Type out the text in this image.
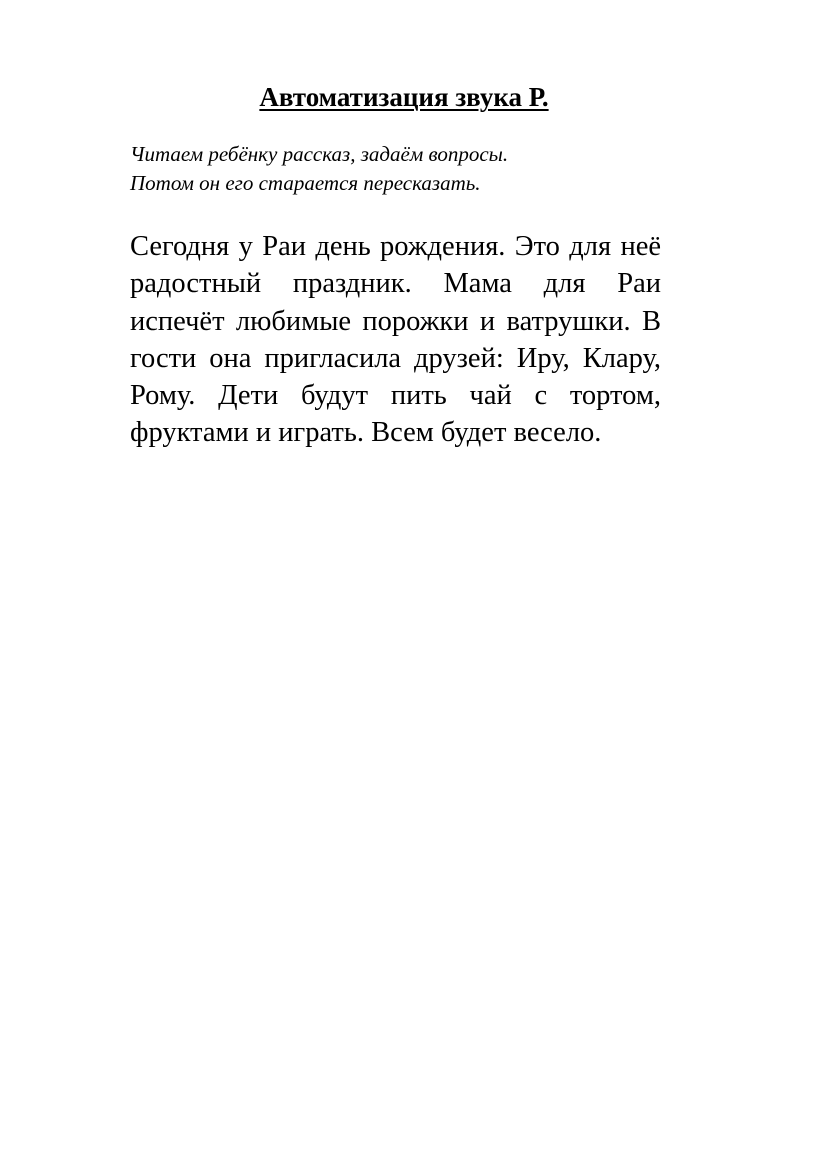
Автоматизация звука Р.

Читаем ребёнку рассказ, задаём вопросы.
Потом он его старается пересказать.

Сегодня у Раи день рождения. Это для неё радостный праздник. Мама для Раи испечёт любимые порожки и ватрушки. В гости она пригласила друзей: Иру, Клару, Рому. Дети будут пить чай с тортом, фруктами и играть. Всем будет весело.
